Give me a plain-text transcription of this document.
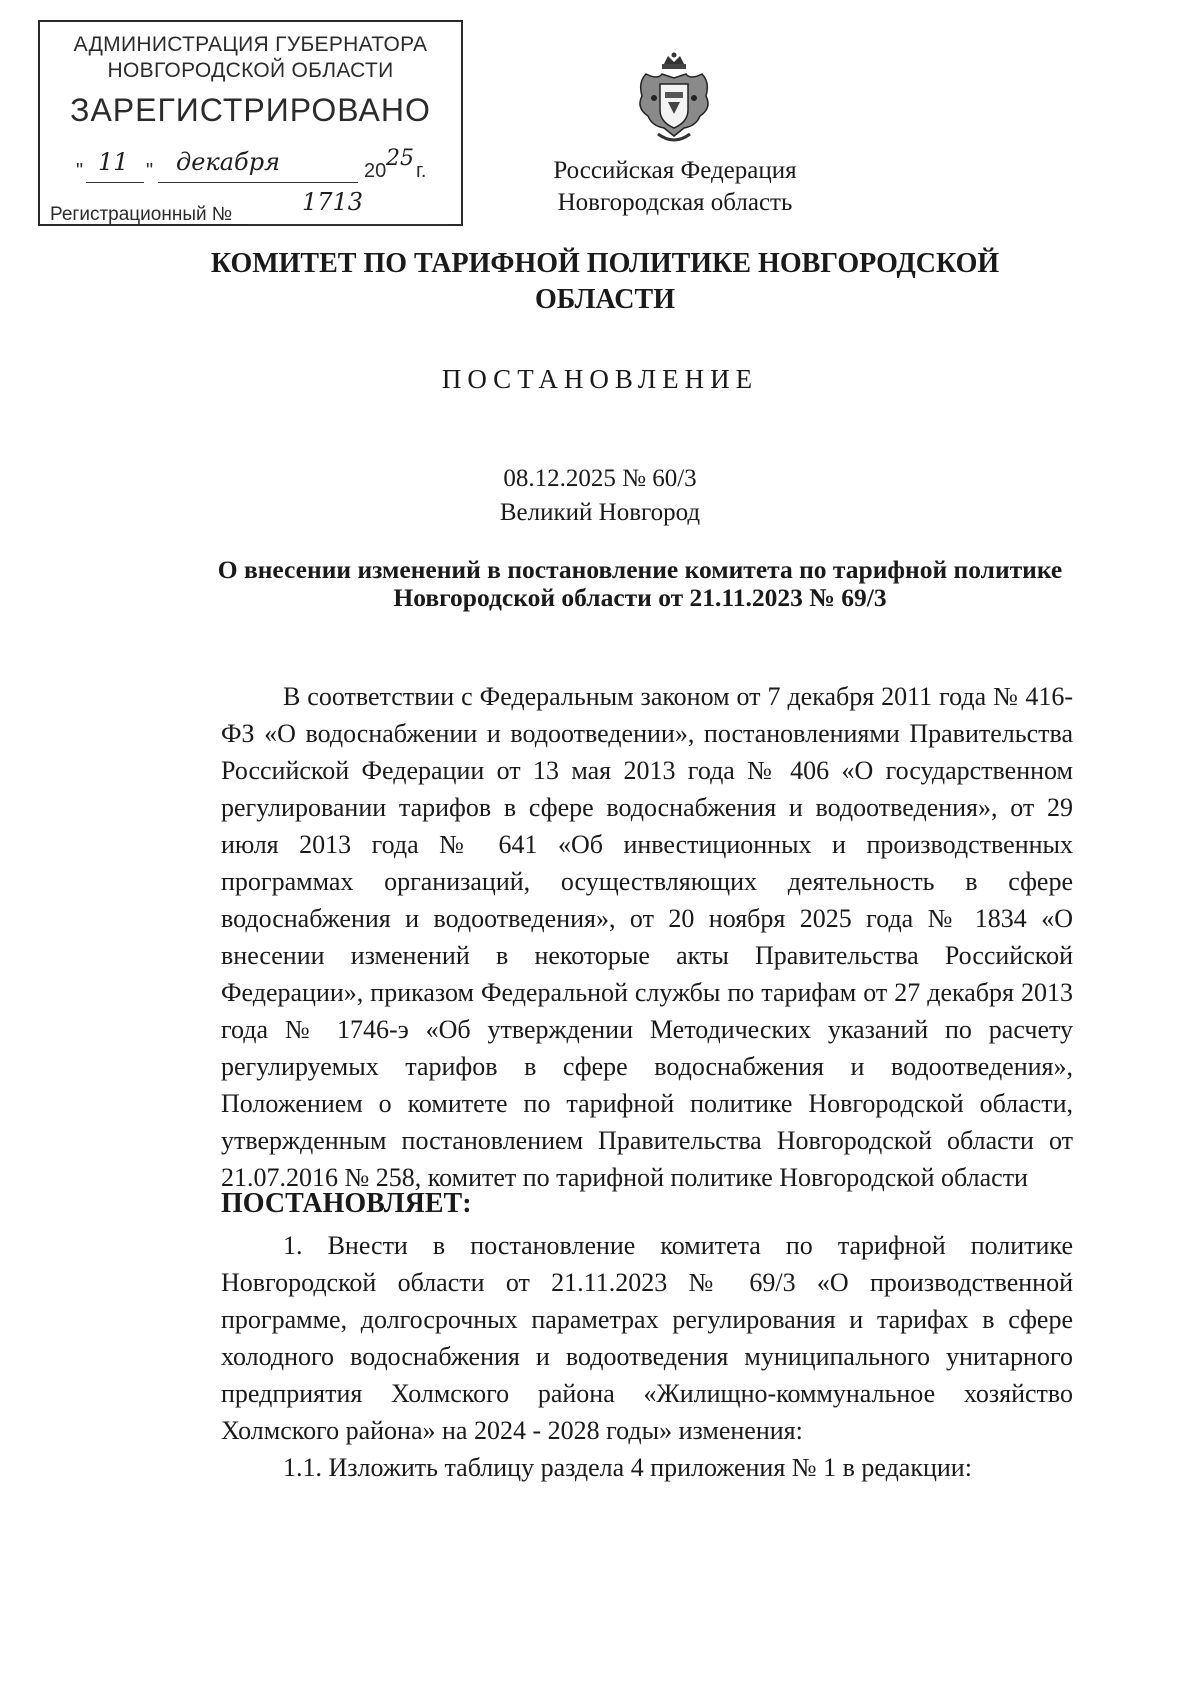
АДМИНИСТРАЦИЯ ГУБЕРНАТОРА
НОВГОРОДСКОЙ ОБЛАСТИ
ЗАРЕГИСТРИРОВАНО
" 11 " декабря	20 25 г.
Регистрационный №	1713
Российская Федерация
Новгородская область
КОМИТЕТ ПО ТАРИФНОЙ ПОЛИТИКЕ НОВГОРОДСКОЙ
ОБЛАСТИ
ПОСТАНОВЛЕНИЕ
08.12.2025 № 60/3
Великий Новгород
О внесении изменений в постановление комитета по тарифной политике
Новгородской области от 21.11.2023 № 69/3

В соответствии с Федеральным законом от 7 декабря 2011 года № 416-ФЗ «О водоснабжении и водоотведении», постановлениями Правительства Российской Федерации от 13 мая 2013 года № 406 «О государственном регулировании тарифов в сфере водоснабжения и водоотведения», от 29 июля 2013 года № 641 «Об инвестиционных и производственных программах организаций, осуществляющих деятельность в сфере водоснабжения и водоотведения», от 20 ноября 2025 года № 1834 «О внесении изменений в некоторые акты Правительства Российской Федерации», приказом Федеральной службы по тарифам от 27 декабря 2013 года № 1746-э «Об утверждении Методических указаний по расчету регулируемых тарифов в сфере водоснабжения и водоотведения», Положением о комитете по тарифной политике Новгородской области, утвержденным постановлением Правительства Новгородской области от 21.07.2016 № 258, комитет по тарифной политике Новгородской области

ПОСТАНОВЛЯЕТ:

1. Внести в постановление комитета по тарифной политике Новгородской области от 21.11.2023 № 69/3 «О производственной программе, долгосрочных параметрах регулирования и тарифах в сфере холодного водоснабжения и водоотведения муниципального унитарного предприятия Холмского района «Жилищно-коммунальное хозяйство Холмского района» на 2024 - 2028 годы» изменения:

1.1. Изложить таблицу раздела 4 приложения № 1 в редакции:
